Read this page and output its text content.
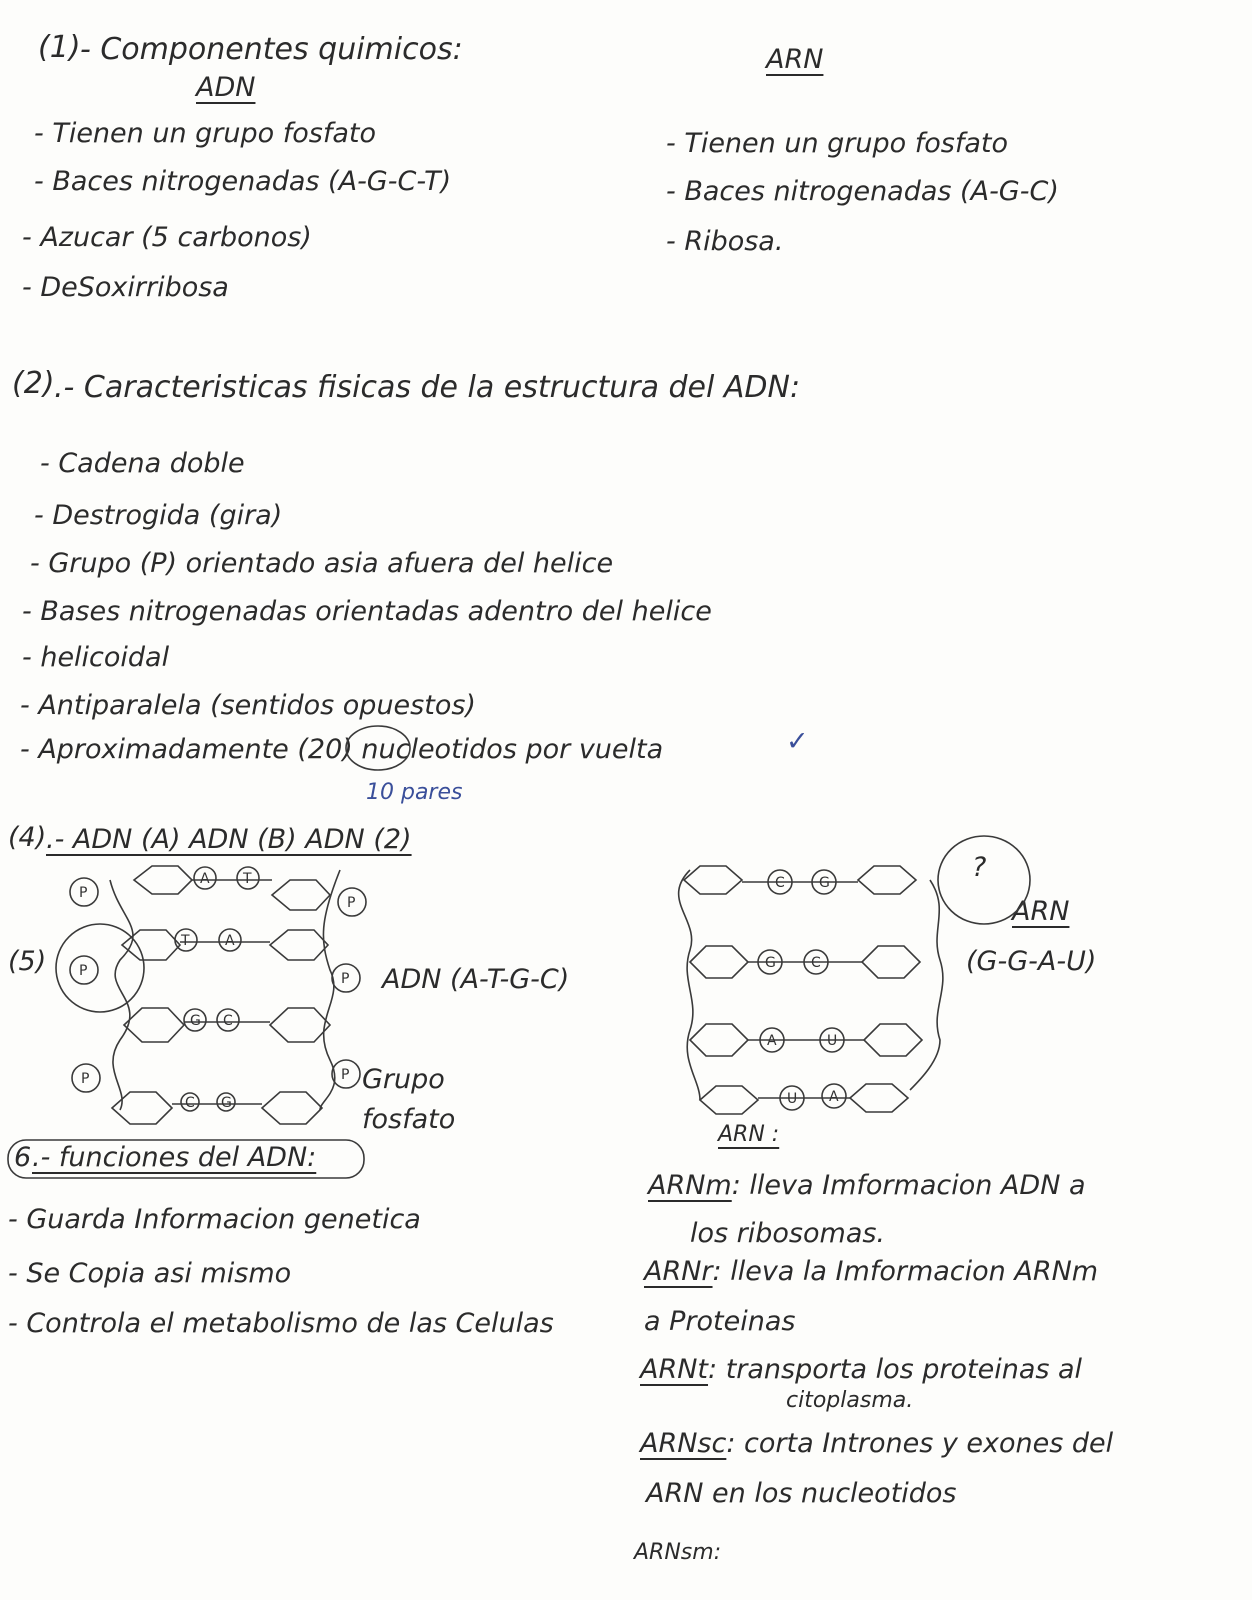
(1) - Componentes quimicos:
ADN
- Tienen un grupo fosfato
- Baces nitrogenadas (A-G-C-T)
- Azucar (5 carbonos)
- DeSoxirribosa
ARN
- Tienen un grupo fosfato
- Baces nitrogenadas (A-G-C)
- Ribosa.
(2) .- Caracteristicas fisicas de la estructura del ADN:
- Cadena doble
- Destrogida (gira)
- Grupo (P) orientado asia afuera del helice
- Bases nitrogenadas orientadas adentro del helice
- helicoidal
- Antiparalela (sentidos opuestos)
- Aproximadamente (20) nucleotidos por vuelta	✓
10 pares
(4) .- ADN (A) ADN (B) ADN (2)
(5)
ADN (A-T-G-C)
Grupo fosfato
ARN
(G-G-A-U)
ARN :
?
A T
T	A
G C
C G
P
P
P	P
P	P
C G
G	C
A	U
U A
6 .- funciones del ADN:
- Guarda Informacion genetica
- Se Copia asi mismo
- Controla el metabolismo de las Celulas
ARNm: lleva Imformacion ADN a
los ribosomas.
ARNr: lleva la Imformacion ARNm
a Proteinas
ARNt: transporta los proteinas al
citoplasma.
ARNsc: corta Intrones y exones del
ARN en los nucleotidos
ARNsm:
